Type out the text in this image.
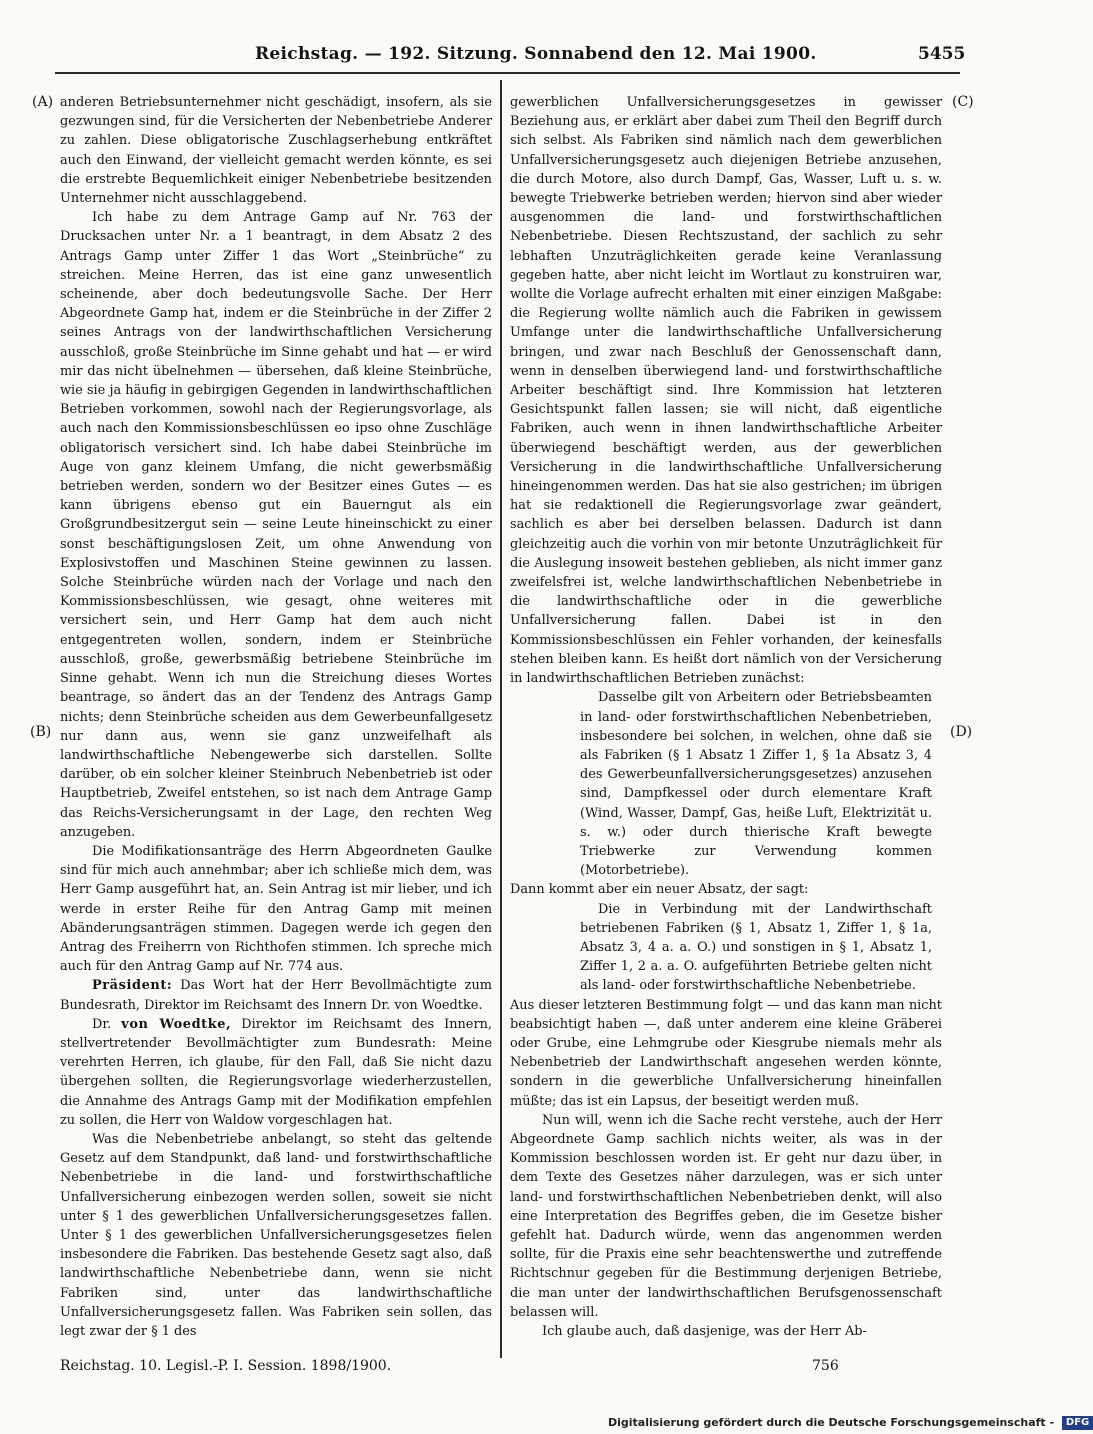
Reichstag. — 192. Sitzung. Sonnabend den 12. Mai 1900.	5455
(A)
(B)
(C)
(D)

anderen Betriebsunternehmer nicht geschädigt, insofern, als sie gezwungen sind, für die Versicherten der Nebenbetriebe Anderer zu zahlen. Diese obligatorische Zuschlagserhebung entkräftet auch den Einwand, der vielleicht gemacht werden könnte, es sei die erstrebte Bequemlichkeit einiger Nebenbetriebe besitzenden Unternehmer nicht ausschlaggebend.

Ich habe zu dem Antrage Gamp auf Nr. 763 der Drucksachen unter Nr. a 1 beantragt, in dem Absatz 2 des Antrags Gamp unter Ziffer 1 das Wort „Steinbrüche“ zu streichen. Meine Herren, das ist eine ganz unwesentlich scheinende, aber doch bedeutungsvolle Sache. Der Herr Abgeordnete Gamp hat, indem er die Steinbrüche in der Ziffer 2 seines Antrags von der landwirthschaftlichen Versicherung ausschloß, große Steinbrüche im Sinne gehabt und hat — er wird mir das nicht übelnehmen — übersehen, daß kleine Steinbrüche, wie sie ja häufig in gebirgigen Gegenden in landwirthschaftlichen Betrieben vorkommen, sowohl nach der Regierungsvorlage, als auch nach den Kommissionsbeschlüssen eo ipso ohne Zuschläge obligatorisch versichert sind. Ich habe dabei Steinbrüche im Auge von ganz kleinem Umfang, die nicht gewerbsmäßig betrieben werden, sondern wo der Besitzer eines Gutes — es kann übrigens ebenso gut ein Bauerngut als ein Großgrundbesitzergut sein — seine Leute hineinschickt zu einer sonst beschäftigungslosen Zeit, um ohne Anwendung von Explosivstoffen und Maschinen Steine gewinnen zu lassen. Solche Steinbrüche würden nach der Vorlage und nach den Kommissionsbeschlüssen, wie gesagt, ohne weiteres mit versichert sein, und Herr Gamp hat dem auch nicht entgegentreten wollen, sondern, indem er Steinbrüche ausschloß, große, gewerbsmäßig betriebene Steinbrüche im Sinne gehabt. Wenn ich nun die Streichung dieses Wortes beantrage, so ändert das an der Tendenz des Antrags Gamp nichts; denn Steinbrüche scheiden aus dem Gewerbeunfallgesetz nur dann aus, wenn sie ganz unzweifelhaft als landwirthschaftliche Nebengewerbe sich darstellen. Sollte darüber, ob ein solcher kleiner Steinbruch Nebenbetrieb ist oder Hauptbetrieb, Zweifel entstehen, so ist nach dem Antrage Gamp das Reichs-Versicherungsamt in der Lage, den rechten Weg anzugeben.

Die Modifikationsanträge des Herrn Abgeordneten Gaulke sind für mich auch annehmbar; aber ich schließe mich dem, was Herr Gamp ausgeführt hat, an. Sein Antrag ist mir lieber, und ich werde in erster Reihe für den Antrag Gamp mit meinen Abänderungsanträgen stimmen. Dagegen werde ich gegen den Antrag des Freiherrn von Richthofen stimmen. Ich spreche mich auch für den Antrag Gamp auf Nr. 774 aus.

Präsident: Das Wort hat der Herr Bevollmächtigte zum Bundesrath, Direktor im Reichsamt des Innern Dr. von Woedtke.

Dr. von Woedtke, Direktor im Reichsamt des Innern, stellvertretender Bevollmächtigter zum Bundesrath: Meine verehrten Herren, ich glaube, für den Fall, daß Sie nicht dazu übergehen sollten, die Regierungsvorlage wiederherzustellen, die Annahme des Antrags Gamp mit der Modifikation empfehlen zu sollen, die Herr von Waldow vorgeschlagen hat.

Was die Nebenbetriebe anbelangt, so steht das geltende Gesetz auf dem Standpunkt, daß land- und forstwirthschaftliche Nebenbetriebe in die land- und forstwirthschaftliche Unfallversicherung einbezogen werden sollen, soweit sie nicht unter § 1 des gewerblichen Unfallversicherungsgesetzes fallen. Unter § 1 des gewerblichen Unfallversicherungsgesetzes fielen insbesondere die Fabriken. Das bestehende Gesetz sagt also, daß landwirthschaftliche Nebenbetriebe dann, wenn sie nicht Fabriken sind, unter das landwirthschaftliche Unfallversicherungsgesetz fallen. Was Fabriken sein sollen, das legt zwar der § 1 des

gewerblichen Unfallversicherungsgesetzes in gewisser Beziehung aus, er erklärt aber dabei zum Theil den Begriff durch sich selbst. Als Fabriken sind nämlich nach dem gewerblichen Unfallversicherungsgesetz auch diejenigen Betriebe anzusehen, die durch Motore, also durch Dampf, Gas, Wasser, Luft u. s. w. bewegte Triebwerke betrieben werden; hiervon sind aber wieder ausgenommen die land- und forstwirthschaftlichen Nebenbetriebe. Diesen Rechtszustand, der sachlich zu sehr lebhaften Unzuträglichkeiten gerade keine Veranlassung gegeben hatte, aber nicht leicht im Wortlaut zu konstruiren war, wollte die Vorlage aufrecht erhalten mit einer einzigen Maßgabe: die Regierung wollte nämlich auch die Fabriken in gewissem Umfange unter die landwirthschaftliche Unfallversicherung bringen, und zwar nach Beschluß der Genossenschaft dann, wenn in denselben überwiegend land- und forstwirthschaftliche Arbeiter beschäftigt sind. Ihre Kommission hat letzteren Gesichtspunkt fallen lassen; sie will nicht, daß eigentliche Fabriken, auch wenn in ihnen landwirthschaftliche Arbeiter überwiegend beschäftigt werden, aus der gewerblichen Versicherung in die landwirthschaftliche Unfallversicherung hineingenommen werden. Das hat sie also gestrichen; im übrigen hat sie redaktionell die Regierungsvorlage zwar geändert, sachlich es aber bei derselben belassen. Dadurch ist dann gleichzeitig auch die vorhin von mir betonte Unzuträglichkeit für die Auslegung insoweit bestehen geblieben, als nicht immer ganz zweifelsfrei ist, welche landwirthschaftlichen Nebenbetriebe in die landwirthschaftliche oder in die gewerbliche Unfallversicherung fallen. Dabei ist in den Kommissionsbeschlüssen ein Fehler vorhanden, der keinesfalls stehen bleiben kann. Es heißt dort nämlich von der Versicherung in landwirthschaftlichen Betrieben zunächst:

Dasselbe gilt von Arbeitern oder Betriebsbeamten in land- oder forstwirthschaftlichen Nebenbetrieben, insbesondere bei solchen, in welchen, ohne daß sie als Fabriken (§ 1 Absatz 1 Ziffer 1, § 1a Absatz 3, 4 des Gewerbeunfallversicherungsgesetzes) anzusehen sind, Dampfkessel oder durch elementare Kraft (Wind, Wasser, Dampf, Gas, heiße Luft, Elektrizität u. s. w.) oder durch thierische Kraft bewegte Triebwerke zur Verwendung kommen (Motorbetriebe).

Dann kommt aber ein neuer Absatz, der sagt:

Die in Verbindung mit der Landwirthschaft betriebenen Fabriken (§ 1, Absatz 1, Ziffer 1, § 1a, Absatz 3, 4 a. a. O.) und sonstigen in § 1, Absatz 1, Ziffer 1, 2 a. a. O. aufgeführten Betriebe gelten nicht als land- oder forstwirthschaftliche Nebenbetriebe.

Aus dieser letzteren Bestimmung folgt — und das kann man nicht beabsichtigt haben —, daß unter anderem eine kleine Gräberei oder Grube, eine Lehmgrube oder Kiesgrube niemals mehr als Nebenbetrieb der Landwirthschaft angesehen werden könnte, sondern in die gewerbliche Unfallversicherung hineinfallen müßte; das ist ein Lapsus, der beseitigt werden muß.

Nun will, wenn ich die Sache recht verstehe, auch der Herr Abgeordnete Gamp sachlich nichts weiter, als was in der Kommission beschlossen worden ist. Er geht nur dazu über, in dem Texte des Gesetzes näher darzulegen, was er sich unter land- und forstwirthschaftlichen Nebenbetrieben denkt, will also eine Interpretation des Begriffes geben, die im Gesetze bisher gefehlt hat. Dadurch würde, wenn das angenommen werden sollte, für die Praxis eine sehr beachtenswerthe und zutreffende Richtschnur gegeben für die Bestimmung derjenigen Betriebe, die man unter der landwirthschaftlichen Berufsgenossenschaft belassen will.

Ich glaube auch, daß dasjenige, was der Herr Ab-

Reichstag. 10. Legisl.-P. I. Session. 1898/1900.	756
Digitalisierung gefördert durch die Deutsche Forschungsgemeinschaft - DFG
